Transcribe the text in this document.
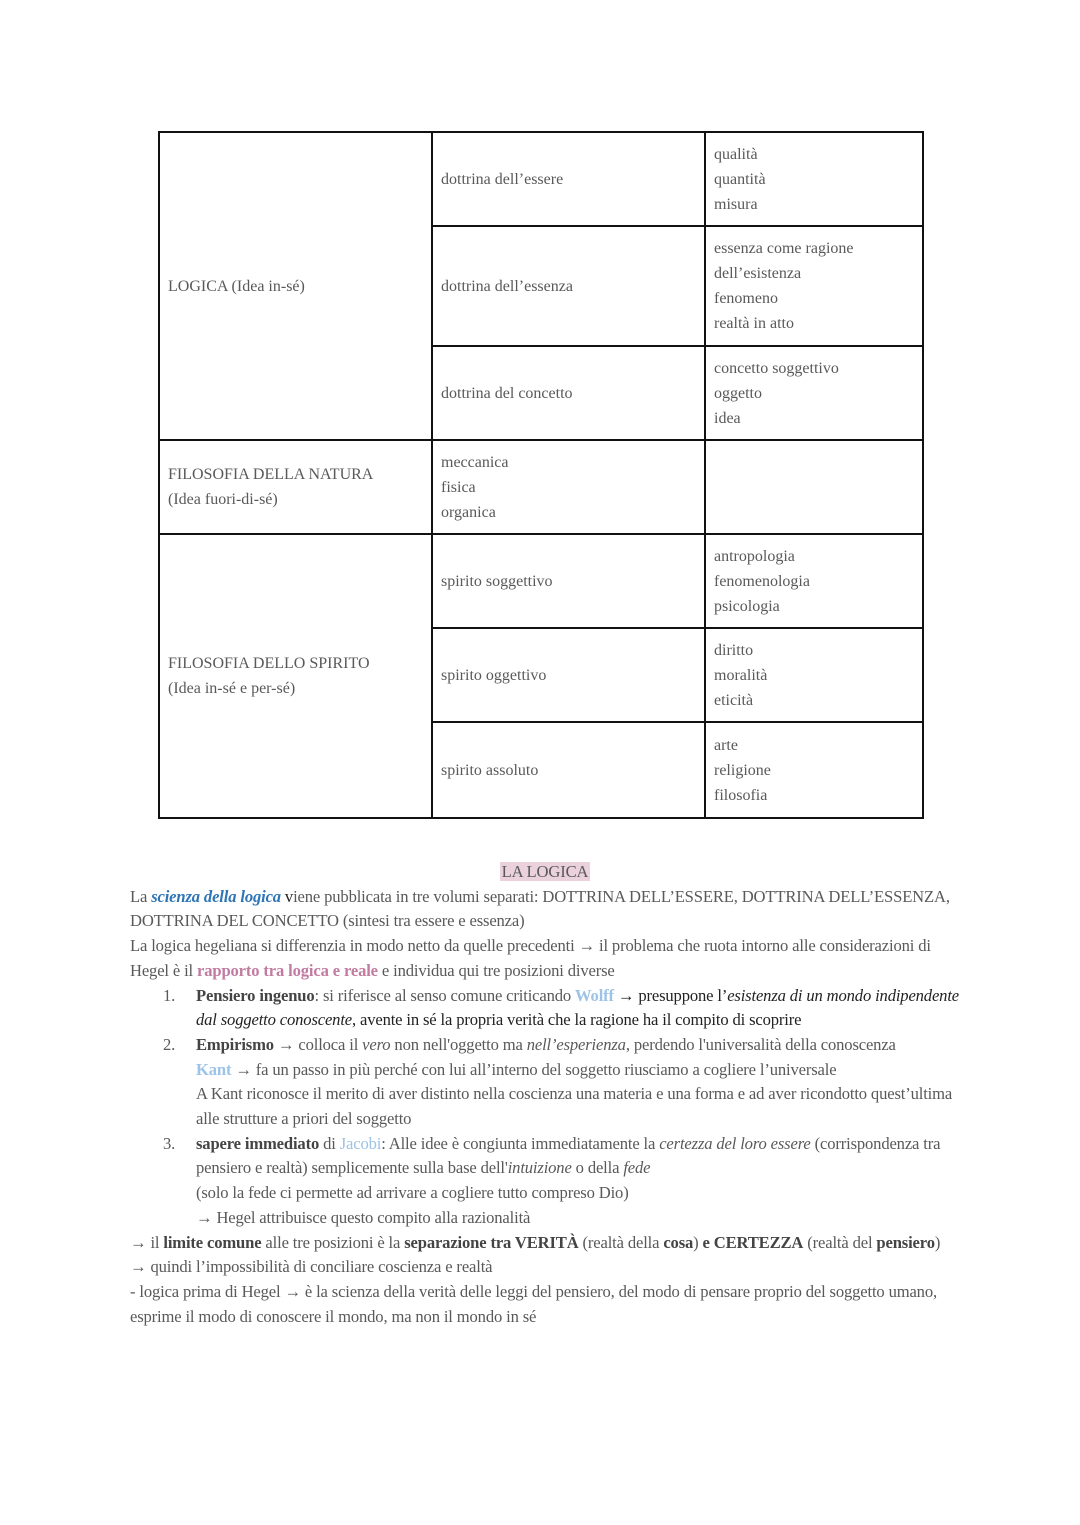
LOGICA (Idea in-sé)	dottrina dell’essere	qualità
quantità
misura

	dottrina dell’essenza	essenza come ragione
dell’esistenza
fenomeno
realtà in atto

	dottrina del concetto	concetto soggettivo
oggetto
idea

FILOSOFIA DELLA NATURA
(Idea fuori-di-sé)	meccanica
fisica
organica	

FILOSOFIA DELLO SPIRITO
(Idea in-sé e per-sé)	spirito soggettivo	antropologia
fenomenologia
psicologia

	spirito oggettivo	diritto
moralità
eticità

	spirito assoluto	arte
religione
filosofia
LA LOGICA
La scienza della logica viene pubblicata in tre volumi separati: DOTTRINA DELL’ESSERE, DOTTRINA DELL’ESSENZA, DOTTRINA DEL CONCETTO (sintesi tra essere e essenza)
La logica hegeliana si differenzia in modo netto da quelle precedenti → il problema che ruota intorno alle considerazioni di Hegel è il rapporto tra logica e reale e individua qui tre posizioni diverse
1. Pensiero ingenuo: si riferisce al senso comune criticando Wolff → presuppone l’esistenza di un mondo indipendente dal soggetto conoscente, avente in sé la propria verità che la ragione ha il compito di scoprire
2. Empirismo → colloca il vero non nell'oggetto ma nell’esperienza, perdendo l'universalità della conoscenza
Kant → fa un passo in più perché con lui all’interno del soggetto riusciamo a cogliere l’universale
A Kant riconosce il merito di aver distinto nella coscienza una materia e una forma e ad aver ricondotto quest’ultima alle strutture a priori del soggetto
3. sapere immediato di Jacobi: Alle idee è congiunta immediatamente la certezza del loro essere (corrispondenza tra pensiero e realtà) semplicemente sulla base dell'intuizione o della fede
(solo la fede ci permette ad arrivare a cogliere tutto compreso Dio)
→ Hegel attribuisce questo compito alla razionalità
→ il limite comune alle tre posizioni è la separazione tra VERITÀ (realtà della cosa) e CERTEZZA (realtà del pensiero) → quindi l’impossibilità di conciliare coscienza e realtà
- logica prima di Hegel → è la scienza della verità delle leggi del pensiero, del modo di pensare proprio del soggetto umano, esprime il modo di conoscere il mondo, ma non il mondo in sé
